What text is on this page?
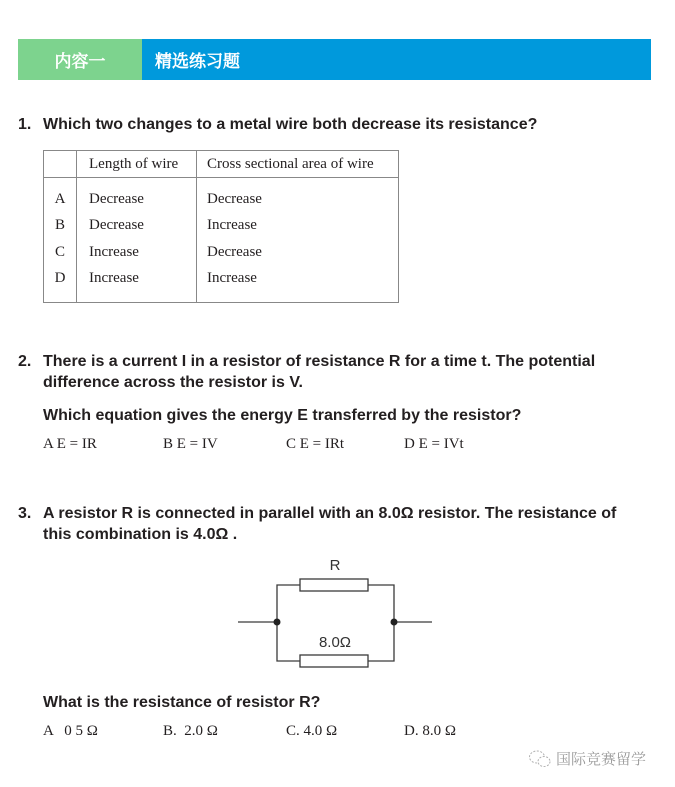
内容一	精选练习题
1. Which two changes to a metal wire both decrease its resistance?
	Length of wire	Cross sectional area of wire
A	Decrease	Decrease
B	Decrease	Increase
C	Increase	Decrease
D	Increase	Increase
2. There is a current I in a resistor of resistance R for a time t. The potential
difference across the resistor is V.
Which equation gives the energy E transferred by the resistor?
A E = IR	B E = IV	C E = IRt	D E = IVt
3. A resistor R is connected in parallel with an 8.0Ω resistor. The resistance of
this combination is 4.0Ω .
R
8.0Ω
What is the resistance of resistor R?
A   0 5 Ω	B.  2.0 Ω	C. 4.0 Ω	D. 8.0 Ω
国际竞赛留学
